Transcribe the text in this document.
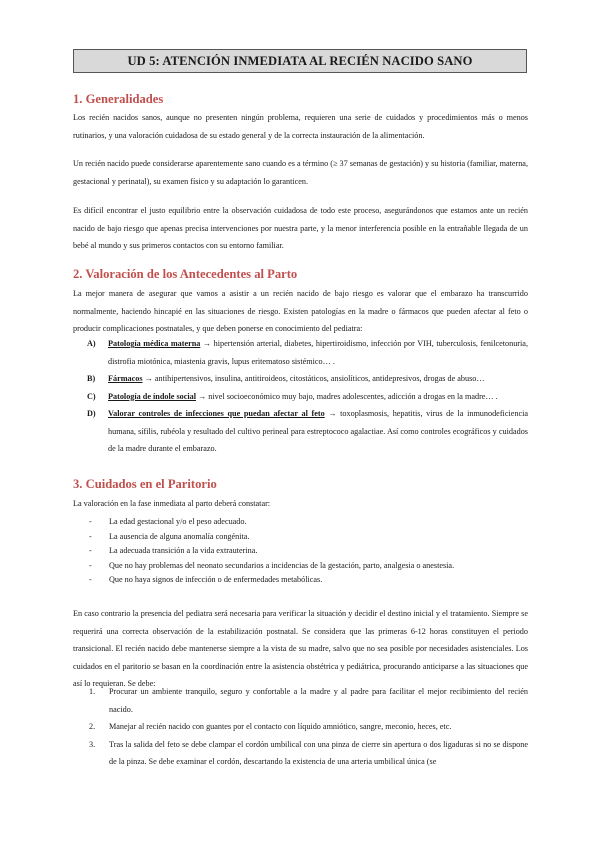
UD 5: ATENCIÓN INMEDIATA AL RECIÉN NACIDO SANO
1. Generalidades
Los recién nacidos sanos, aunque no presenten ningún problema, requieren una serie de cuidados y procedimientos más o menos rutinarios, y una valoración cuidadosa de su estado general y de la correcta instauración de la alimentación.
Un recién nacido puede considerarse aparentemente sano cuando es a término (≥ 37 semanas de gestación) y su historia (familiar, materna, gestacional y perinatal), su examen físico y su adaptación lo garanticen.
Es difícil encontrar el justo equilibrio entre la observación cuidadosa de todo este proceso, asegurándonos que estamos ante un recién nacido de bajo riesgo que apenas precisa intervenciones por nuestra parte, y la menor interferencia posible en la entrañable llegada de un bebé al mundo y sus primeros contactos con su entorno familiar.
2. Valoración de los Antecedentes al Parto
La mejor manera de asegurar que vamos a asistir a un recién nacido de bajo riesgo es valorar que el embarazo ha transcurrido normalmente, haciendo hincapié en las situaciones de riesgo. Existen patologías en la madre o fármacos que pueden afectar al feto o producir complicaciones postnatales, y que deben ponerse en conocimiento del pediatra:
A)	Patología médica materna → hipertensión arterial, diabetes, hipertiroidismo, infección por VIH, tuberculosis, fenilcetonuria, distrofia miotónica, miastenia gravis, lupus eritematoso sistémico… .
B)	Fármacos → antihipertensivos, insulina, antitiroideos, citostáticos, ansiolíticos, antidepresivos, drogas de abuso…
C)	Patología de índole social → nivel socioeconómico muy bajo, madres adolescentes, adicción a drogas en la madre… .
D)	Valorar controles de infecciones que puedan afectar al feto → toxoplasmosis, hepatitis, virus de la inmunodeficiencia humana, sífilis, rubéola y resultado del cultivo perineal para estreptococo agalactiae. Así como controles ecográficos y cuidados de la madre durante el embarazo.
3. Cuidados en el Paritorio
La valoración en la fase inmediata al parto deberá constatar:
-	La edad gestacional y/o el peso adecuado.
-	La ausencia de alguna anomalía congénita.
-	La adecuada transición a la vida extrauterina.
-	Que no hay problemas del neonato secundarios a incidencias de la gestación, parto, analgesia o anestesia.
-	Que no haya signos de infección o de enfermedades metabólicas.
En caso contrario la presencia del pediatra será necesaria para verificar la situación y decidir el destino inicial y el tratamiento. Siempre se requerirá una correcta observación de la estabilización postnatal. Se considera que las primeras 6-12 horas constituyen el periodo transicional. El recién nacido debe mantenerse siempre a la vista de su madre, salvo que no sea posible por necesidades asistenciales. Los cuidados en el paritorio se basan en la coordinación entre la asistencia obstétrica y pediátrica, procurando anticiparse a las situaciones que así lo requieran. Se debe:
1.	Procurar un ambiente tranquilo, seguro y confortable a la madre y al padre para facilitar el mejor recibimiento del recién nacido.
2.	Manejar al recién nacido con guantes por el contacto con líquido amniótico, sangre, meconio, heces, etc.
3.	Tras la salida del feto se debe clampar el cordón umbilical con una pinza de cierre sin apertura o dos ligaduras si no se dispone de la pinza. Se debe examinar el cordón, descartando la existencia de una arteria umbilical única (se
